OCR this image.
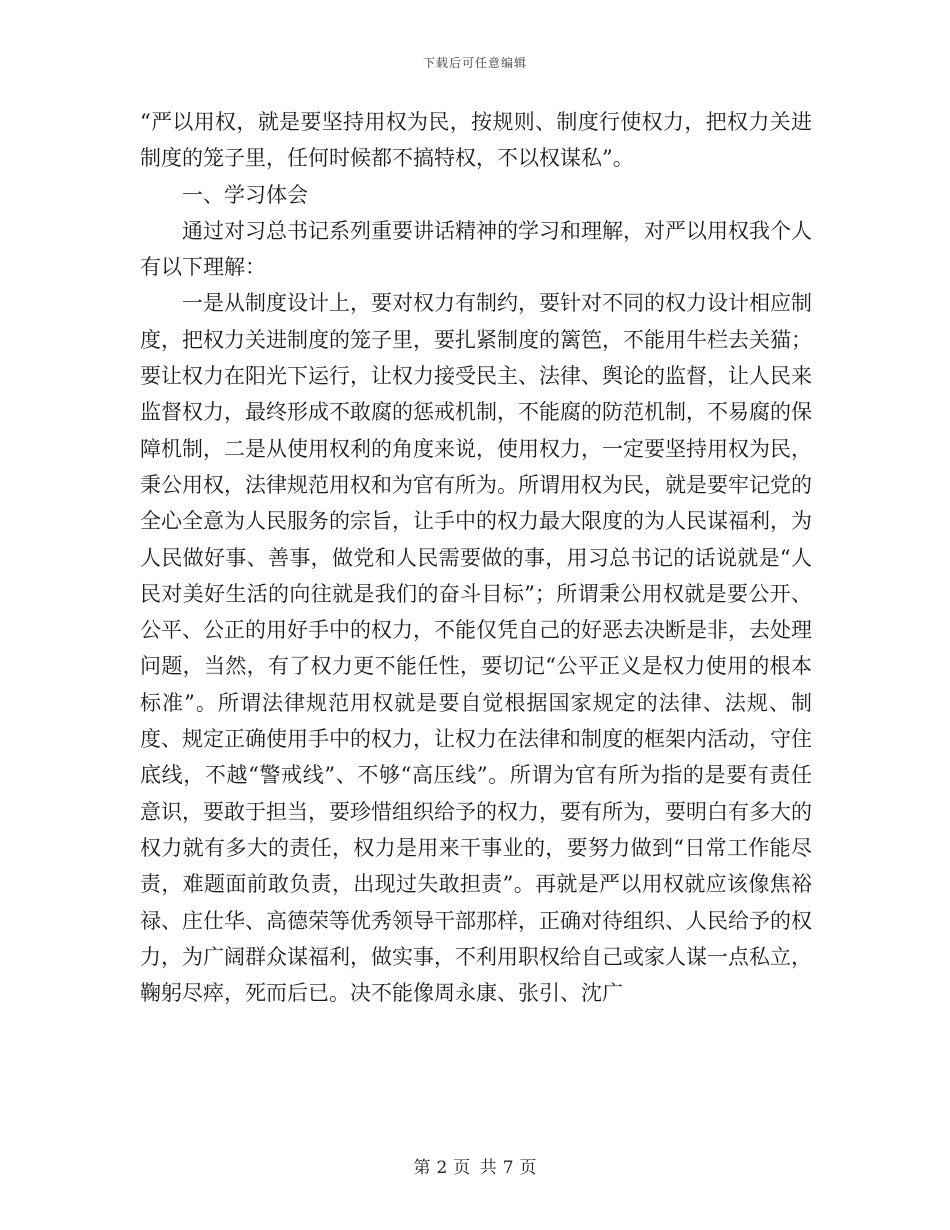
下载后可任意编辑

“严以用权，就是要坚持用权为民，按规则、制度行使权力，把权力关进制度的笼子里，任何时候都不搞特权，不以权谋私”。

一、学习体会

通过对习总书记系列重要讲话精神的学习和理解，对严以用权我个人有以下理解：

一是从制度设计上，要对权力有制约，要针对不同的权力设计相应制度，把权力关进制度的笼子里，要扎紧制度的篱笆，不能用牛栏去关猫；要让权力在阳光下运行，让权力接受民主、法律、舆论的监督，让人民来监督权力，最终形成不敢腐的惩戒机制，不能腐的防范机制，不易腐的保障机制，二是从使用权利的角度来说，使用权力，一定要坚持用权为民，秉公用权，法律规范用权和为官有所为。所谓用权为民，就是要牢记党的全心全意为人民服务的宗旨，让手中的权力最大限度的为人民谋福利，为人民做好事、善事，做党和人民需要做的事，用习总书记的话说就是“人民对美好生活的向往就是我们的奋斗目标”；所谓秉公用权就是要公开、公平、公正的用好手中的权力，不能仅凭自己的好恶去决断是非，去处理问题，当然，有了权力更不能任性，要切记“公平正义是权力使用的根本标准”。所谓法律规范用权就是要自觉根据国家规定的法律、法规、制度、规定正确使用手中的权力，让权力在法律和制度的框架内活动，守住底线，不越“警戒线”、不够“高压线”。所谓为官有所为指的是要有责任意识，要敢于担当，要珍惜组织给予的权力，要有所为，要明白有多大的权力就有多大的责任，权力是用来干事业的，要努力做到“日常工作能尽责，难题面前敢负责，出现过失敢担责”。再就是严以用权就应该像焦裕禄、庄仕华、高德荣等优秀领导干部那样，正确对待组织、人民给予的权力，为广阔群众谋福利，做实事，不利用职权给自己或家人谋一点私立，鞠躬尽瘁，死而后已。决不能像周永康、张引、沈广

第 2 页 共 7 页
